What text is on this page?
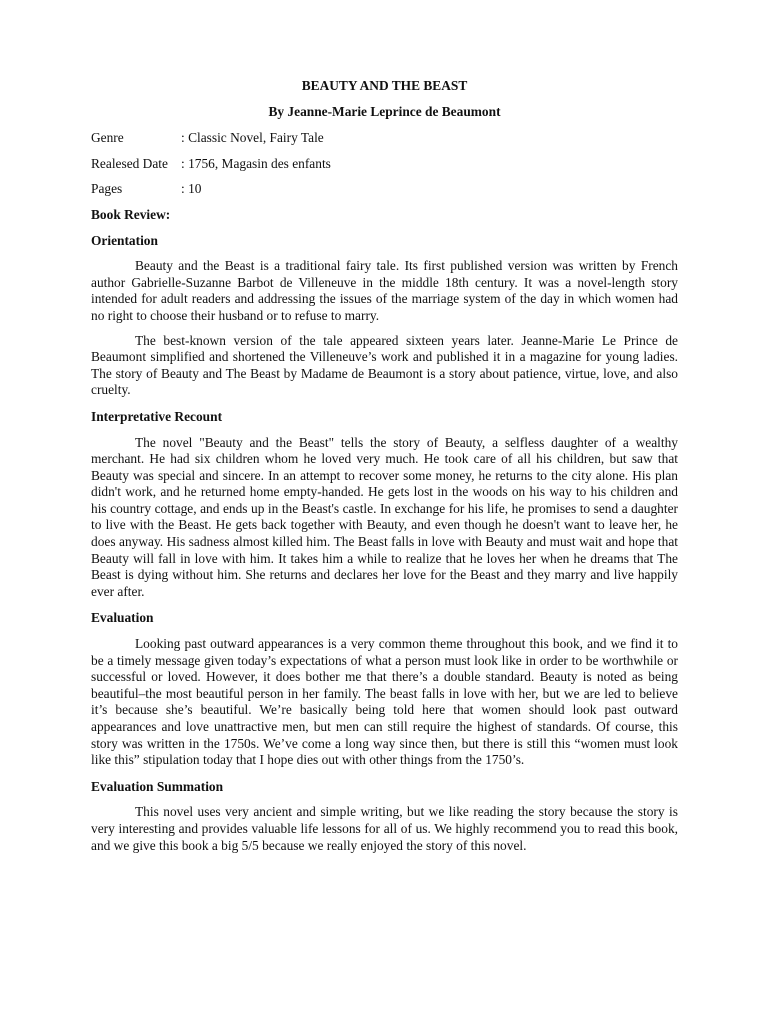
BEAUTY AND THE BEAST
By Jeanne-Marie Leprince de Beaumont
Genre	: Classic Novel, Fairy Tale
Realesed Date : 1756, Magasin des enfants
Pages	: 10
Book Review:
Orientation

Beauty and the Beast is a traditional fairy tale. Its first published version was written by French author Gabrielle-Suzanne Barbot de Villeneuve in the middle 18th century. It was a novel-length story intended for adult readers and addressing the issues of the marriage system of the day in which women had no right to choose their husband or to refuse to marry.

The best-known version of the tale appeared sixteen years later. Jeanne-Marie Le Prince de Beaumont simplified and shortened the Villeneuve’s work and published it in a magazine for young ladies. The story of Beauty and The Beast by Madame de Beaumont is a story about patience, virtue, love, and also cruelty.

Interpretative Recount

The novel "Beauty and the Beast" tells the story of Beauty, a selfless daughter of a wealthy merchant. He had six children whom he loved very much. He took care of all his children, but saw that Beauty was special and sincere. In an attempt to recover some money, he returns to the city alone. His plan didn't work, and he returned home empty-handed. He gets lost in the woods on his way to his children and his country cottage, and ends up in the Beast's castle. In exchange for his life, he promises to send a daughter to live with the Beast. He gets back together with Beauty, and even though he doesn't want to leave her, he does anyway. His sadness almost killed him. The Beast falls in love with Beauty and must wait and hope that Beauty will fall in love with him. It takes him a while to realize that he loves her when he dreams that The Beast is dying without him. She returns and declares her love for the Beast and they marry and live happily ever after.

Evaluation

Looking past outward appearances is a very common theme throughout this book, and we find it to be a timely message given today’s expectations of what a person must look like in order to be worthwhile or successful or loved. However, it does bother me that there’s a double standard. Beauty is noted as being beautiful–the most beautiful person in her family. The beast falls in love with her, but we are led to believe it’s because she’s beautiful. We’re basically being told here that women should look past outward appearances and love unattractive men, but men can still require the highest of standards. Of course, this story was written in the 1750s. We’ve come a long way since then, but there is still this “women must look like this” stipulation today that I hope dies out with other things from the 1750’s.

Evaluation Summation

This novel uses very ancient and simple writing, but we like reading the story because the story is very interesting and provides valuable life lessons for all of us. We highly recommend you to read this book, and we give this book a big 5/5 because we really enjoyed the story of this novel.
